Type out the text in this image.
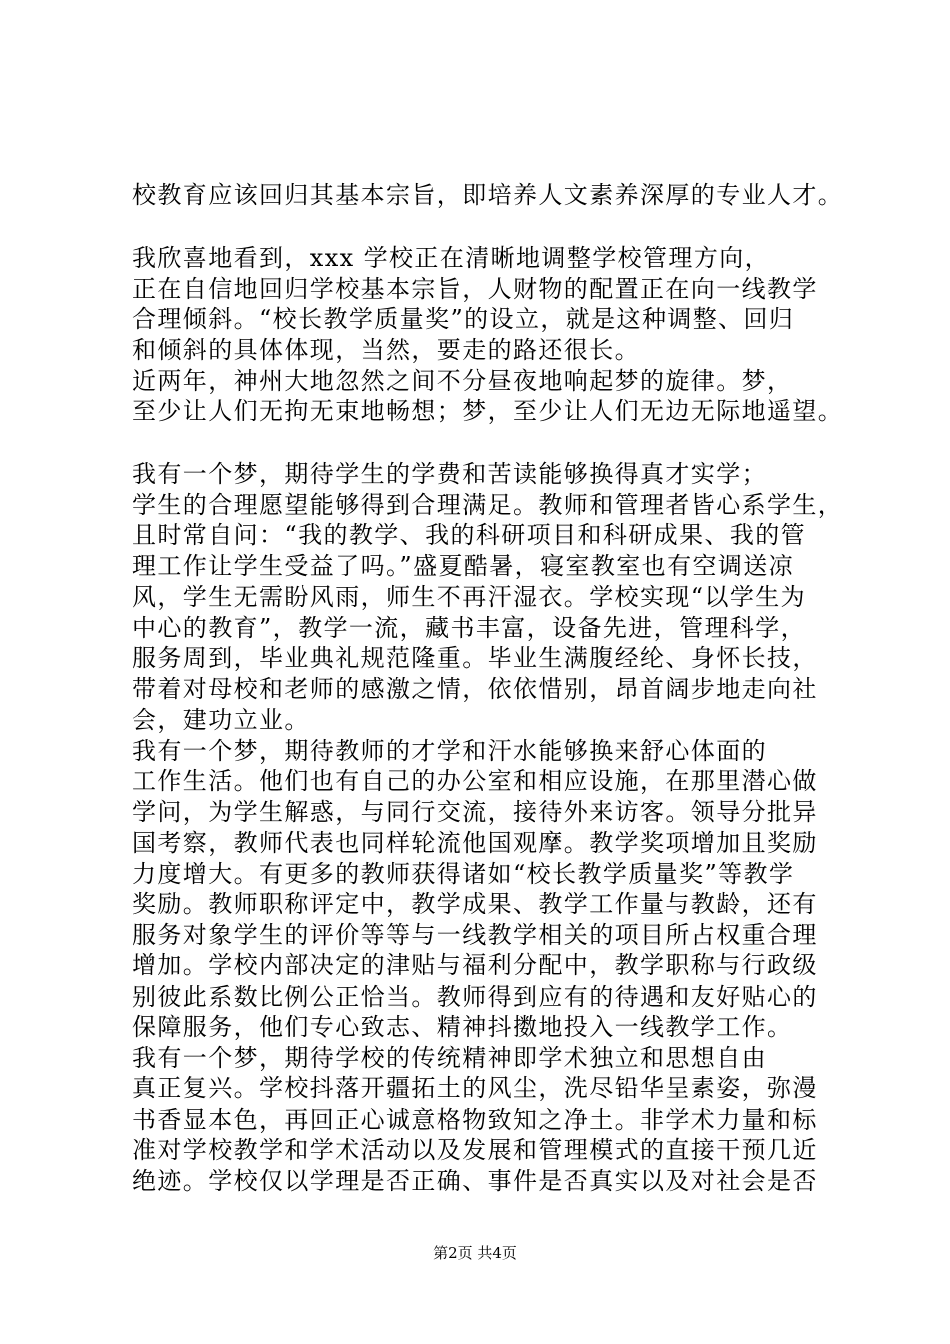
校教育应该回归其基本宗旨，即培养人文素养深厚的专业人才。
我欣喜地看到，xxx 学校正在清晰地调整学校管理方向，
正在自信地回归学校基本宗旨，人财物的配置正在向一线教学
合理倾斜。“校长教学质量奖”的设立，就是这种调整、回归
和倾斜的具体体现，当然，要走的路还很长。
近两年，神州大地忽然之间不分昼夜地响起梦的旋律。梦，
至少让人们无拘无束地畅想；梦，至少让人们无边无际地遥望。
我有一个梦，期待学生的学费和苦读能够换得真才实学；
学生的合理愿望能够得到合理满足。教师和管理者皆心系学生，
且时常自问：“我的教学、我的科研项目和科研成果、我的管
理工作让学生受益了吗。”盛夏酷暑，寝室教室也有空调送凉
风，学生无需盼风雨，师生不再汗湿衣。学校实现“以学生为
中心的教育”，教学一流，藏书丰富，设备先进，管理科学，
服务周到，毕业典礼规范隆重。毕业生满腹经纶、身怀长技，
带着对母校和老师的感激之情，依依惜别，昂首阔步地走向社
会，建功立业。
我有一个梦，期待教师的才学和汗水能够换来舒心体面的
工作生活。他们也有自己的办公室和相应设施，在那里潜心做
学问，为学生解惑，与同行交流，接待外来访客。领导分批异
国考察，教师代表也同样轮流他国观摩。教学奖项增加且奖励
力度增大。有更多的教师获得诸如“校长教学质量奖”等教学
奖励。教师职称评定中，教学成果、教学工作量与教龄，还有
服务对象学生的评价等等与一线教学相关的项目所占权重合理
增加。学校内部决定的津贴与福利分配中，教学职称与行政级
别彼此系数比例公正恰当。教师得到应有的待遇和友好贴心的
保障服务，他们专心致志、精神抖擞地投入一线教学工作。
我有一个梦，期待学校的传统精神即学术独立和思想自由
真正复兴。学校抖落开疆拓土的风尘，洗尽铅华呈素姿，弥漫
书香显本色，再回正心诚意格物致知之净土。非学术力量和标
准对学校教学和学术活动以及发展和管理模式的直接干预几近
绝迹。学校仅以学理是否正确、事件是否真实以及对社会是否
第2页 共4页
